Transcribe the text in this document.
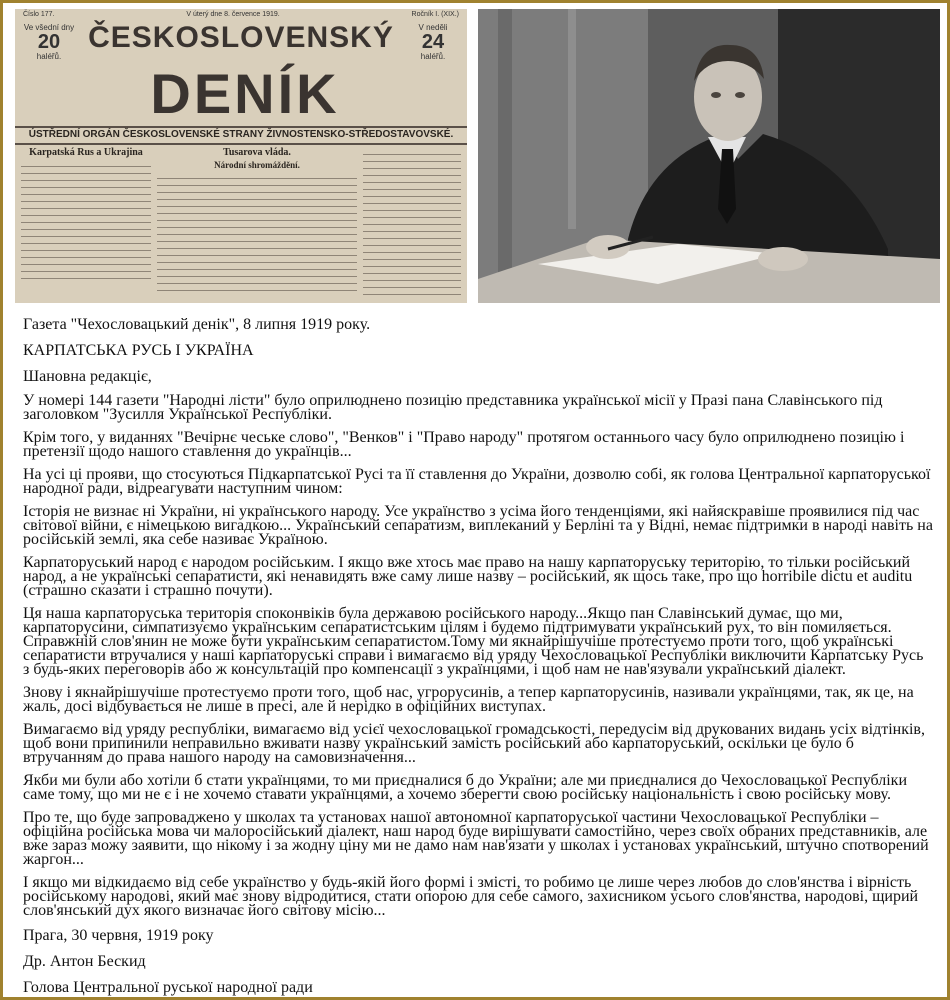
Číslo 177.	V úterý dne 8. července 1919.	Ročník I. (XIX.)
Ve všední dny
20
haléřů.
V neděli
24
haléřů.
ČESKOSLOVENSKÝ
DENÍK
ÚSTŘEDNÍ ORGÁN ČESKOSLOVENSKÉ STRANY ŽIVNOSTENSKO-STŘEDOSTAVOVSKÉ.
Karpatská Rus a Ukrajina	Tusarova vláda.
Národní shromáždění.

Газета "Чехословацький денік", 8 липня 1919 року.

КАРПАТСЬКА РУСЬ І УКРАЇНА

Шановна редакціє,

У номері 144 газети "Народні лісти" було оприлюднено позицію представника української місії у Празі пана Славінського під заголовком "Зусилля Української Республіки.

Крім того, у виданнях "Вечірнє чеське слово", "Венков" і "Право народу" протягом останнього часу було оприлюднено позицію і претензії щодо нашого ставлення до українців...

На усі ці прояви, що стосуються Підкарпатської Русі та її ставлення до України, дозволю собі, як голова Центральної карпаторуської народної ради, відреагувати наступним чином:

Історія не визнає ні України, ні українського народу. Усе українство з усіма його тенденціями, які найяскравіше проявилися під час світової війни, є німецькою вигадкою... Український сепаратизм, виплеканий у Берліні та у Відні, немає підтримки в народі навіть на російській землі, яка себе називає Україною.

Карпаторуський народ є народом російським. І якщо вже хтось має право на нашу карпаторуську територію, то тільки російський народ, а не українські сепаратисти, які ненавидять вже саму лише назву – російський, як щось таке, про що horribile dictu et auditu (страшно сказати і страшно почути).

Ця наша карпаторуська територія споконвіків була державою російського народу...Якщо пан Славінський думає, що ми, карпаторусини, симпатизуємо українським сепаратистським цілям і будемо підтримувати український рух, то він помиляється. Справжній слов'янин не може бути українським сепаратистом.Тому ми якнайрішучіше протестуємо проти того, щоб українські сепаратисти втручалися у наші карпаторуські справи і вимагаємо від уряду Чехословацької Республіки виключити Карпатську Русь з будь-яких переговорів або ж консультацій про компенсації з українцями, і щоб нам не нав'язували український діалект.

Знову і якнайрішучіше протестуємо проти того, щоб нас, угрорусинів, а тепер карпаторусинів, називали українцями, так, як це, на жаль, досі відбувається не лише в пресі, але й нерідко в офіційних виступах.

Вимагаємо від уряду республіки, вимагаємо від усієї чехословацької громадськості, передусім від друкованих видань усіх відтінків, щоб вони припинили неправильно вживати назву український замість російський або карпаторуський, оскільки це було б втручанням до права нашого народу на самовизначення...

Якби ми були або хотіли б стати українцями, то ми приєдналися б до України; але ми приєдналися до Чехословацької Республіки саме тому, що ми не є і не хочемо ставати українцями, а хочемо зберегти свою російську національність і свою російську мову.

Про те, що буде запроваджено у школах та установах нашої автономної карпаторуської частини Чехословацької Республіки – офіційна російська мова чи малоросійський діалект, наш народ буде вирішувати самостійно, через своїх обраних представників, але вже зараз можу заявити, що нікому і за жодну ціну ми не дамо нам нав'язати у школах і установах український, штучно спотворений жаргон...

І якщо ми відкидаємо від себе українство у будь-якій його формі і змісті, то робимо це лише через любов до слов'янства і вірність російському народові, який має знову відродитися, стати опорою для себе самого, захисником усього слов'янства, народові, щирий слов'янський дух якого визначає його світову місію...

Прага, 30 червня, 1919 року

Др. Антон Бескид

Голова Центральної руської народної ради
